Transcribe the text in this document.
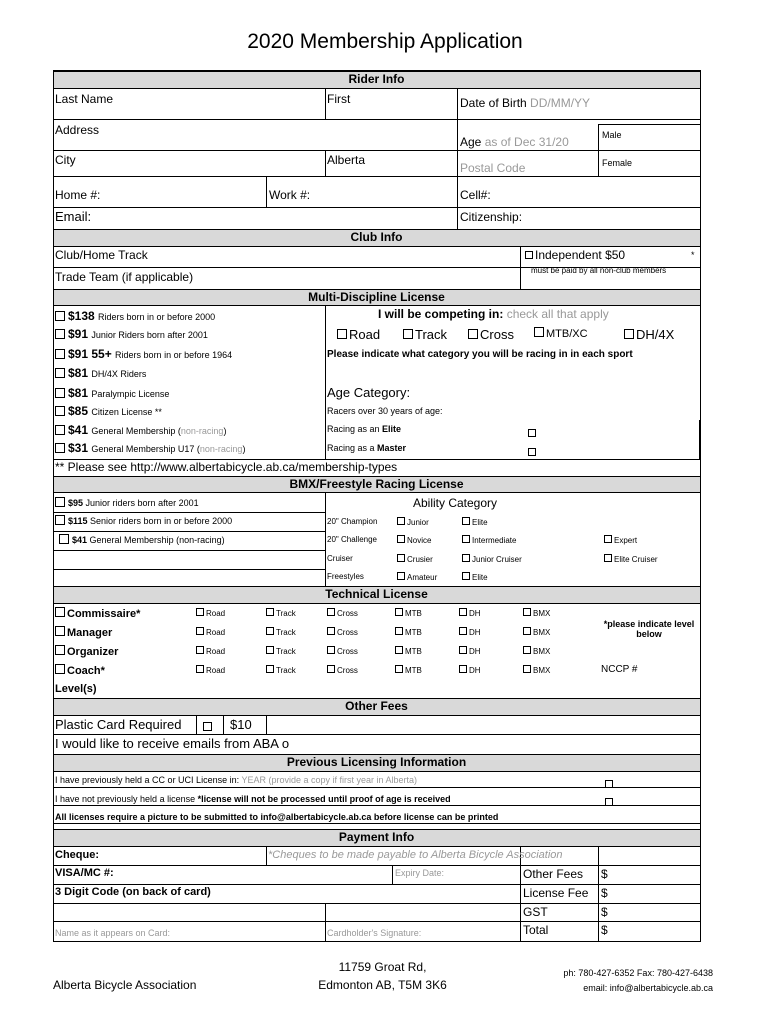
2020 Membership Application
Rider Info
Last Name	First	Date of Birth DD/MM/YY
Address
Age as of Dec 31/20	Male
City	Alberta
Postal Code	Female
Home #:	Work #:	Cell#:
Email:	Citizenship:
Club Info
Club/Home Track	Independent $50	*
must be paid by all non-club members
Trade Team (if applicable)
Multi-Discipline License
$138 Riders born in or before 2000
$91 Junior Riders born after 2001
$91 55+ Riders born in or before 1964
$81 DH/4X Riders
$81 Paralympic License
$85 Citizen License **
$41 General Membership (non-racing)
$31 General Membership U17 (non-racing)
I will be competing in: check all that apply
Road	Track	Cross	MTB/XC	DH/4X
Please indicate what category you will be racing in in each sport
Age Category:
Racers over 30 years of age:
Racing as an Elite
Racing as a Master
** Please see http://www.albertabicycle.ab.ca/membership-types
BMX/Freestyle Racing License
$95 Junior riders born after 2001
$115 Senior riders born in or before 2000
$41 General Membership (non-racing)
Ability Category
20" Champion	Junior	Elite
20" Challenge	Novice	Intermediate	Expert
Cruiser	Crusier	Junior Cruiser	Elite Cruiser
Freestyles	Amateur	Elite
Technical License
Commissaire*	Road	Track	Cross	MTB	DH	BMX
Manager	Road	Track	Cross	MTB	DH	BMX
Organizer	Road	Track	Cross	MTB	DH	BMX
Coach*	Road	Track	Cross	MTB	DH	BMX
*please indicate level below
NCCP #
Level(s)
Other Fees
Plastic Card Required	$10
I would like to receive emails from ABA o
Previous Licensing Information
I have previously held a CC or UCI License in: YEAR (provide a copy if first year in Alberta)
I have not previously held a license *license will not be processed until proof of age is received
All licenses require a picture to be submitted to info@albertabicycle.ab.ca before license can be printed
Payment Info
Cheque:	*Cheques to be made payable to Alberta Bicycle Association
VISA/MC #:	Expiry Date:
3 Digit Code (on back of card)
Name as it appears on Card:	Cardholder's Signature:
Other Fees $
License Fee $
GST	$
Total	$
Alberta Bicycle Association
11759 Groat Rd,
Edmonton AB, T5M 3K6
ph: 780-427-6352 Fax: 780-427-6438
email: info@albertabicycle.ab.ca
